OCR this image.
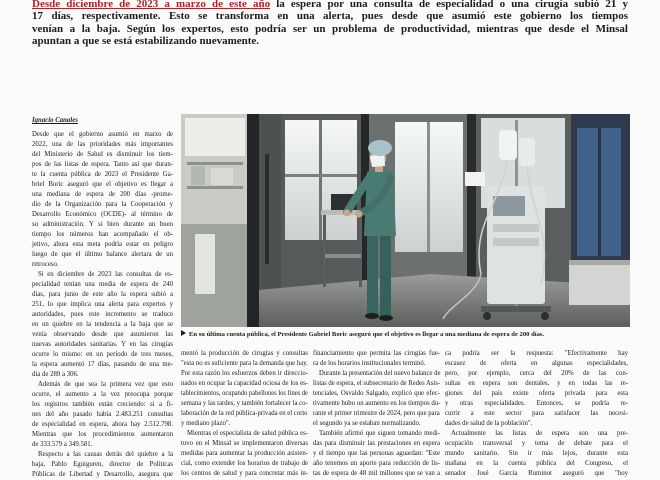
Desde diciembre de 2023 a marzo de este año la espera por una consulta de especialidad o una cirugía subió 21 y
17 días, respectivamente. Esto se transforma en una alerta, pues desde que asumió este gobierno los tiempos
venían a la baja. Según los expertos, esto podría ser un problema de productividad, mientras que desde el Minsal
apuntan a que se está estabilizando nuevamente.
Ignacio Canales
Desde que el gobierno asumió en marzo de
2022, una de las prioridades más importantes
del Ministerio de Salud es disminuir los tiem-
pos de las listas de espera. Tanto así que duran-
te la cuenta pública de 2023 el Presidente Ga-
briel Boric aseguró que el objetivo es llegar a
una mediana de espera de 200 días -prome-
dio de la Organización para la Cooperación y
Desarrollo Económico (OCDE)- al término de
su administración. Y si bien durante un buen
tiempo los números han acompañado el ob-
jetivo, ahora esta meta podría estar en peligro
luego de que el último balance alertara de un
retroceso.
Si en diciembre de 2023 las consultas de es-
pecialidad tenían una media de espera de 240
días, para junio de este año la espera subió a
251, lo que implica una alerta para expertos y
autoridades, pues este incremento se traduce
en un quiebre en la tendencia a la baja que se
venía observando desde que asumieron las
nuevas autoridades sanitarias. Y en las cirugías
ocurre lo mismo: en un período de tres meses,
la espera aumentó 17 días, pasando de una me-
dia de 289 a 306.
Además de que sea la primera vez que esto
ocurre, el aumento a la vez preocupa porque
los registros también están creciendo: si a fi-
nes del año pasado había 2.483.251 consultas
de especialidad en espera, ahora hay 2.512.798.
Mientras que los procedimientos aumentaron
de 333.579 a 349.581.
Respecto a las causas detrás del quiebre a la
baja, Pablo Eguiguren, director de Políticas
Públicas de Libertad y Desarrollo, asegura que
mentó la producción de cirugías y consultas
"esta no es suficiente para la demanda que hay.
Por esta razón los esfuerzos deben ir direccio-
nados en ocupar la capacidad ociosa de los es-
tablecimientos, ocupando pabellones los fines de
semana y las tardes, y también fortalecer la co-
laboración de la red pública-privada en el corto
y mediano plazo".
Mientras el especialista de salud pública es-
tuvo en el Minsal se implementaron diversas
medidas para aumentar la producción asisten-
cial, como extender los horarios de trabajo de
los centros de salud y para concretar más in-
financiamiento que permita las cirugías fue-
ra de los horarios institucionales terminó.
Durante la presentación del nuevo balance de
listas de espera, el subsecretario de Redes Asis-
tenciales, Osvaldo Salgado, explicó que efec-
tivamente hubo un aumento en los tiempos du-
rante el primer trimestre de 2024, pero que para
el segundo ya se estaban normalizando.
También afirmó que siguen tomando medi-
das para disminuir las prestaciones en espera
y el tiempo que las personas aguardan: "Este
año tenemos un aporte para reducción de lis-
tas de espera de 48 mil millones que se van a
ca podría ser la respuesta: "Efectivamente hay
escasez de oferta en algunas especialidades,
pero, por ejemplo, cerca del 20% de las con-
sultas en espera son dentales, y en todas las re-
giones del país existe oferta privada para esta
y otras especialidades. Entonces, se podría re-
currir a este sector para satisfacer las necesi-
dades de salud de la población".
Actualmente las listas de espera son una pre-
ocupación transversal y tema de debate para el
mundo sanitario. Sin ir más lejos, durante esta
mañana en la cuenta pública del Congreso, el
senador José García Ruminot aseguró que "hoy
En su última cuenta pública, el Presidente Gabriel Boric aseguró que el objetivo es llegar a una mediana de espera de 200 días.
